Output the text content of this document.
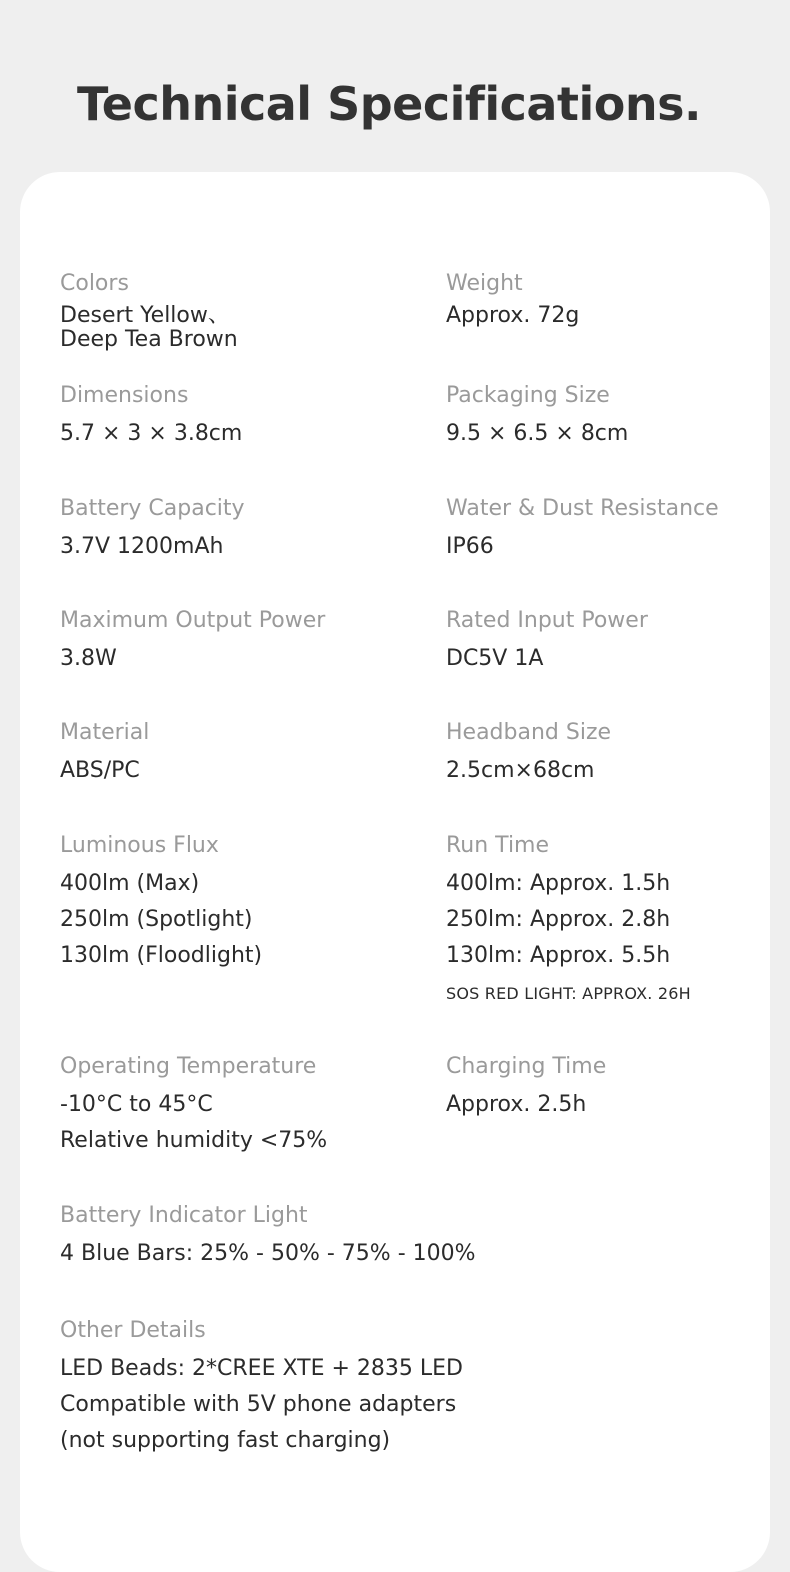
Technical Specifications.
Colors
Desert Yellow、
Deep Tea Brown
Weight
Approx. 72g
Dimensions
5.7 × 3 × 3.8cm
Packaging Size
9.5 × 6.5 × 8cm
Battery Capacity
3.7V 1200mAh
Water & Dust Resistance
IP66
Maximum Output Power
3.8W
Rated Input Power
DC5V 1A
Material
ABS/PC
Headband Size
2.5cm×68cm
Luminous Flux
400lm (Max)
250lm (Spotlight)
130lm (Floodlight)
Run Time
400lm: Approx. 1.5h
250lm: Approx. 2.8h
130lm: Approx. 5.5h
SOS RED LIGHT: APPROX. 26H
Operating Temperature
-10°C to 45°C
Relative humidity <75%
Charging Time
Approx. 2.5h
Battery Indicator Light
4 Blue Bars: 25% - 50% - 75% - 100%
Other Details
LED Beads: 2*CREE XTE + 2835 LED
Compatible with 5V phone adapters
(not supporting fast charging)
